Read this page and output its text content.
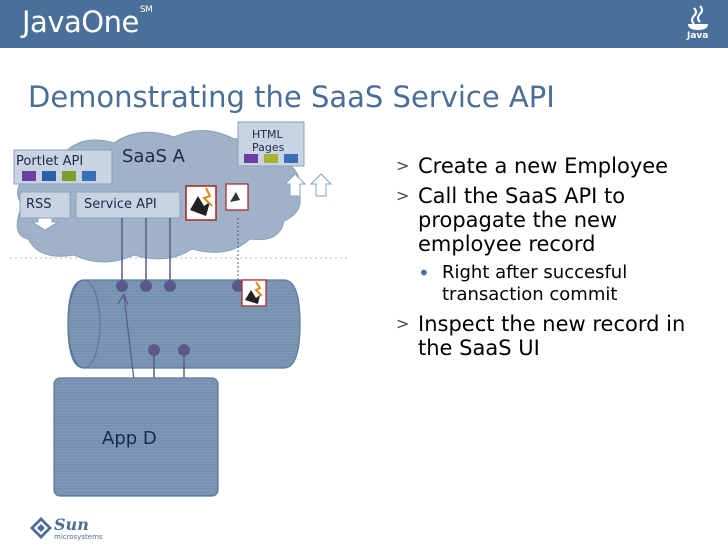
JavaOne℠
Java
Demonstrating the SaaS Service API
SaaS A
Portlet API
HTML
Pages
RSS Service API
App D
> Create a new Employee
> Call the SaaS API to propagate the new employee record
• Right after succesful transaction commit
> Inspect the new record in the SaaS UI
Sun
microsystems
